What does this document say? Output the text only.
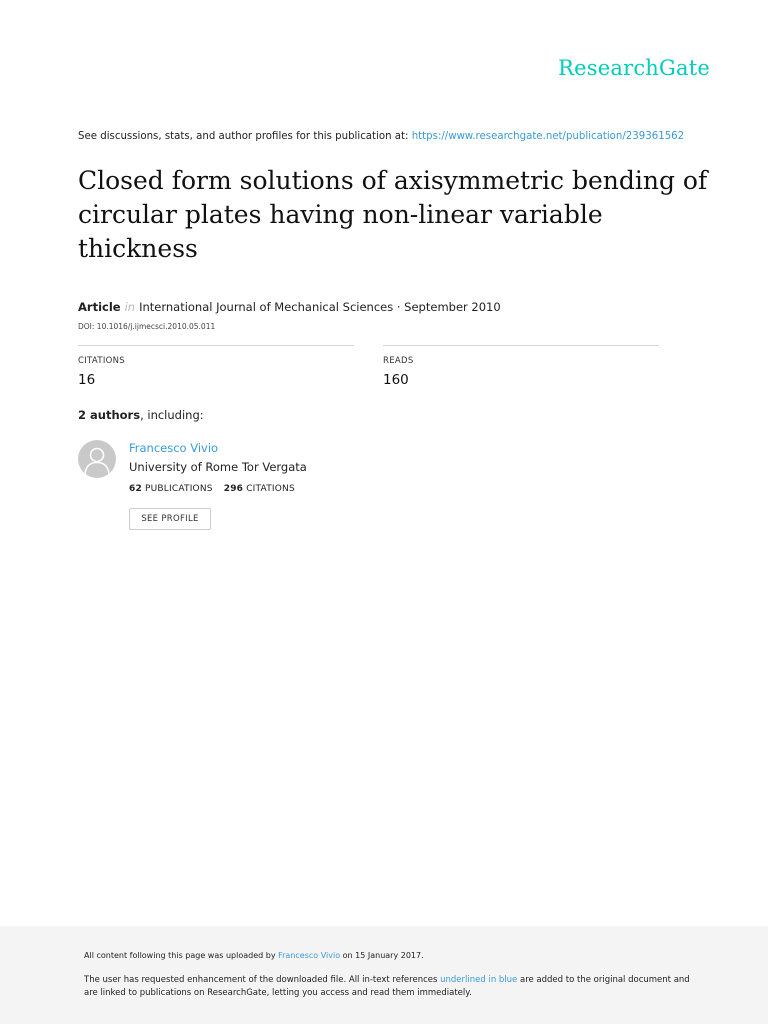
ResearchGate
See discussions, stats, and author profiles for this publication at: https://www.researchgate.net/publication/239361562
Closed form solutions of axisymmetric bending of circular plates having non-linear variable thickness
Article in International Journal of Mechanical Sciences · September 2010
DOI: 10.1016/j.ijmecsci.2010.05.011
CITATIONS
16
READS
160
2 authors, including:
Francesco Vivio
University of Rome Tor Vergata
62 PUBLICATIONS 296 CITATIONS
SEE PROFILE
All content following this page was uploaded by Francesco Vivio on 15 January 2017.
The user has requested enhancement of the downloaded file. All in-text references underlined in blue are added to the original document and are linked to publications on ResearchGate, letting you access and read them immediately.
